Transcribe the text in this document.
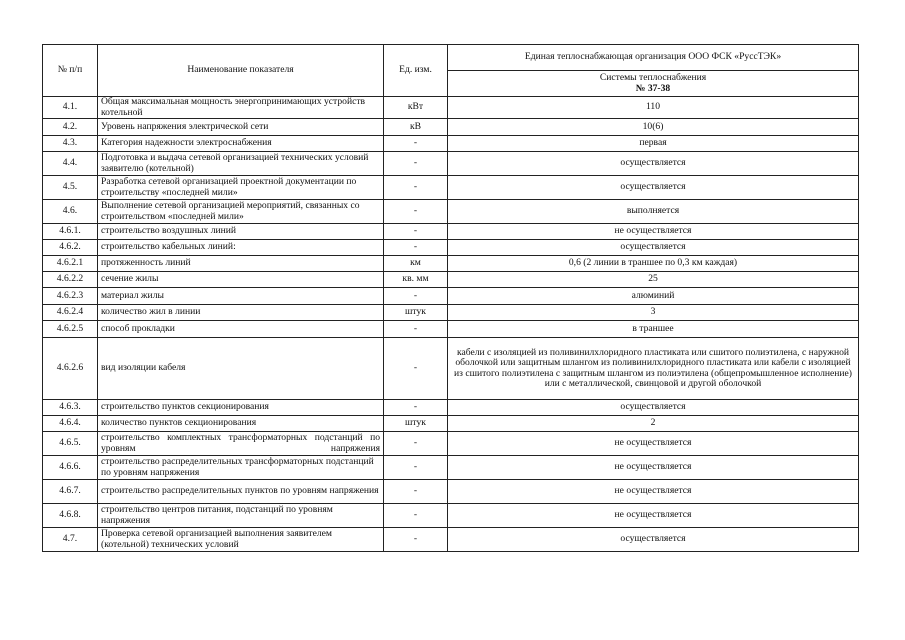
№ п/п	Наименование показателя	Ед. изм.	Единая теплоснабжающая организация ООО ФСК «РуссТЭК»

			Системы теплоснабжения
№ 37-38

4.1.	Общая максимальная мощность энергопринимающих устройств котельной	кВт	110
4.2.	Уровень напряжения электрической сети	кВ	10(6)
4.3.	Категория надежности электроснабжения	-	первая
4.4.	Подготовка и выдача сетевой организацией технических условий заявителю (котельной)	-	осуществляется
4.5.	Разработка сетевой организацией проектной документации по строительству «последней мили»	-	осуществляется
4.6.	Выполнение сетевой организацией мероприятий, связанных со строительством «последней мили»	-	выполняется
4.6.1.	строительство воздушных линий	-	не осуществляется
4.6.2.	строительство кабельных линий:	-	осуществляется
4.6.2.1	протяженность линий	км	0,6 (2 линии в траншее по 0,3 км каждая)
4.6.2.2	сечение жилы	кв. мм	25
4.6.2.3	материал жилы	-	алюминий
4.6.2.4	количество жил в линии	штук	3
4.6.2.5	способ прокладки	-	в траншее
4.6.2.6	вид изоляции кабеля	-	кабели с изоляцией из поливинилхлоридного пластиката или сшитого полиэтилена, с наружной оболочкой или защитным шлангом из поливинилхлоридного пластиката или кабели с изоляцией из сшитого полиэтилена с защитным шлангом из полиэтилена (общепромышленное исполнение) или с металлической, свинцовой и другой оболочкой
4.6.3.	строительство пунктов секционирования	-	осуществляется
4.6.4.	количество пунктов секционирования	штук	2
4.6.5.	строительство комплектных трансформаторных подстанций по уровням напряжения	-	не осуществляется
4.6.6.	строительство распределительных трансформаторных подстанций по уровням напряжения	-	не осуществляется
4.6.7.	строительство распределительных пунктов по уровням напряжения	-	не осуществляется
4.6.8.	строительство центров питания, подстанций по уровням напряжения	-	не осуществляется
4.7.	Проверка сетевой организацией выполнения заявителем (котельной) технических условий	-	осуществляется
